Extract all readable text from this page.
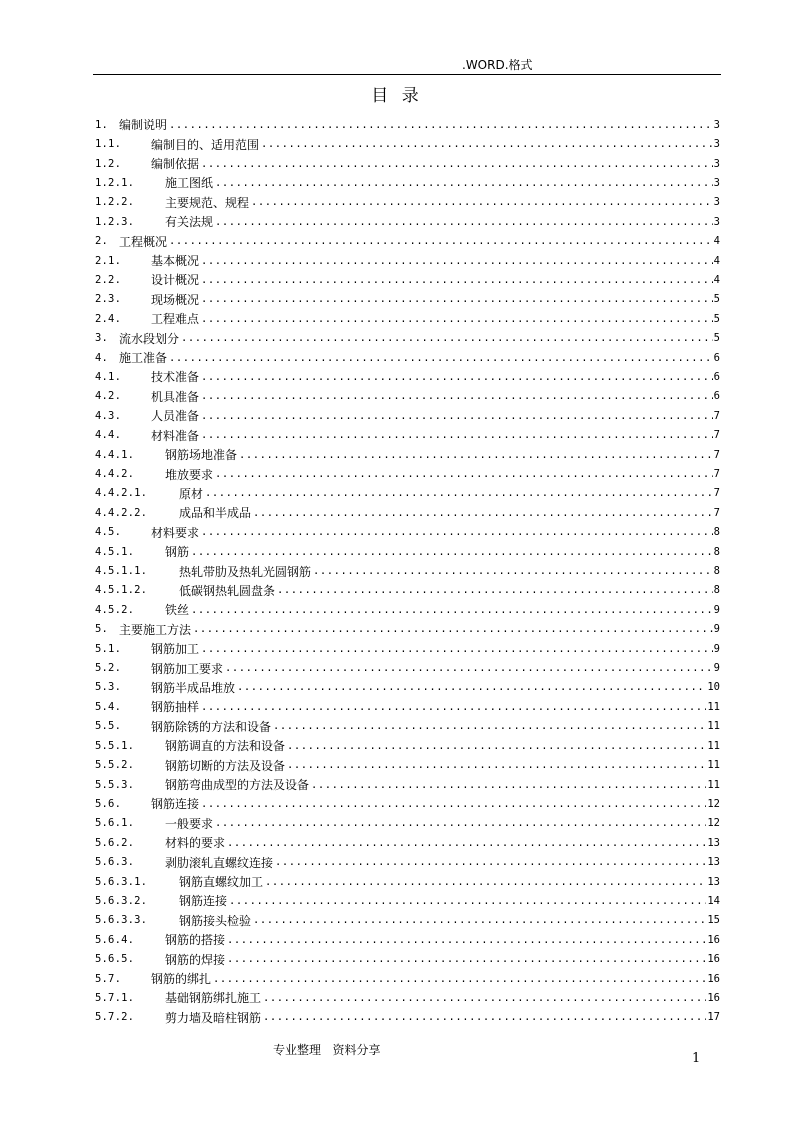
.WORD.格式
目 录
1. 编制说明 .....	3
1.1.	编制目的、适用范围 .....	3
1.2.	编制依据 .....	3
1.2.1.	施工图纸 .....	3
1.2.2.	主要规范、规程 .....	3
1.2.3.	有关法规 .....	3
2. 工程概况 .....	4
2.1.	基本概况 .....	4
2.2.	设计概况 .....	4
2.3.	现场概况 .....	5
2.4.	工程难点 .....	5
3. 流水段划分 .....	5
4. 施工准备 .....	6
4.1.	技术准备 .....	6
4.2.	机具准备 .....	6
4.3.	人员准备 .....	7
4.4.	材料准备 .....	7
4.4.1.	钢筋场地准备 .....	7
4.4.2.	堆放要求 .....	7
4.4.2.1.	原材 .....	7
4.4.2.2.	成品和半成品 .....	7
4.5.	材料要求 .....	8
4.5.1.	钢筋 .....	8
4.5.1.1.	热轧带肋及热轧光圆钢筋 .....	8
4.5.1.2.	低碳钢热轧圆盘条 .....	8
4.5.2.	铁丝 .....	9
5. 主要施工方法 .....	9
5.1.	钢筋加工 .....	9
5.2.	钢筋加工要求 .....	9
5.3.	钢筋半成品堆放 .....	10
5.4.	钢筋抽样 .....	11
5.5.	钢筋除锈的方法和设备 .....	11
5.5.1.	钢筋调直的方法和设备 .....	11
5.5.2.	钢筋切断的方法及设备 .....	11
5.5.3.	钢筋弯曲成型的方法及设备 .....	11
5.6.	钢筋连接 .....	12
5.6.1.	一般要求 .....	12
5.6.2.	材料的要求 .....	13
5.6.3.	剥肋滚轧直螺纹连接 .....	13
5.6.3.1.	钢筋直螺纹加工 .....	13
5.6.3.2.	钢筋连接 .....	14
5.6.3.3.	钢筋接头检验 .....	15
5.6.4.	钢筋的搭接 .....	16
5.6.5.	钢筋的焊接 .....	16
5.7.	钢筋的绑扎 .....	16
5.7.1.	基础钢筋绑扎施工 .....	16
5.7.2.	剪力墙及暗柱钢筋 .....	17
专业整理   资料分享
1
